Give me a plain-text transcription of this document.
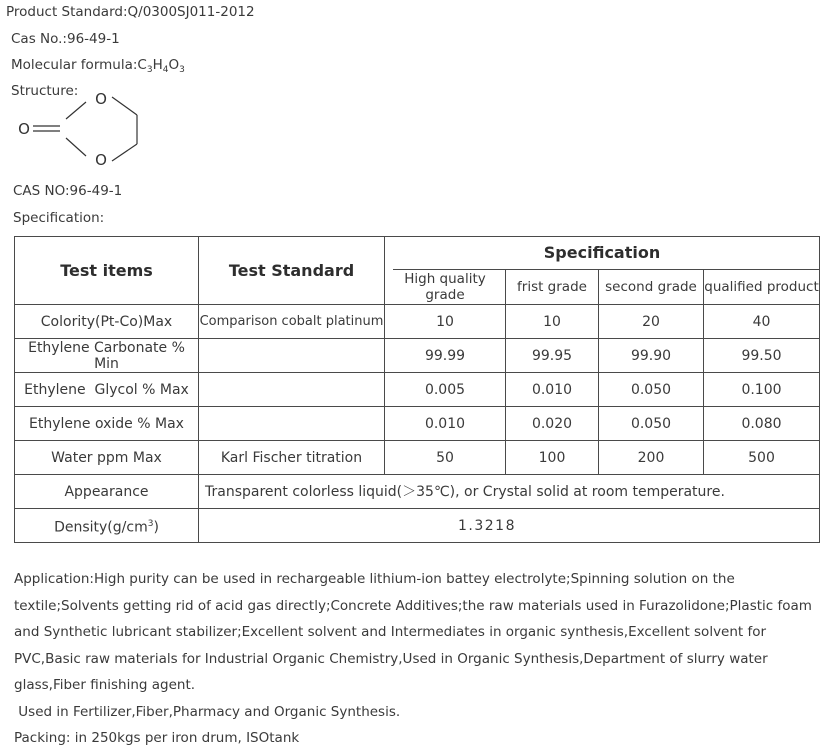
Product Standard:Q/0300SJ011-2012
Cas No.:96-49-1
Molecular $formula:C_3H_4O_3$
Structure: O
O
O
CAS NO:96-49-1
Specification:
Test items	Test Standard	Specification			
		High quality grade	frist grade	second grade	qualified product
Colority(Pt-Co)Max	Comparison cobalt platinum	10	10	20	40
Ethylene Carbonate % Min		99.99	99.95	99.90	99.50
Ethylene  Glycol % Max		0.005	0.010	0.050	0.100
Ethylene oxide % Max		0.010	0.020	0.050	0.080
Water ppm Max	Karl Fischer titration	50	100	200	500
Appearance	Transparent colorless liquid(＞35℃), or Crystal solid at room temperature.				
$Density(g/cm^3)$	1.3218				

Application:High purity can be used in rechargeable lithium-ion battey electrolyte;Spinning solution on the textile;Solvents getting rid of acid gas directly;Concrete Additives;the raw materials used in Furazolidone;Plastic foam and Synthetic lubricant stabilizer;Excellent solvent and Intermediates in organic synthesis,Excellent solvent for PVC,Basic raw materials for Industrial Organic Chemistry,Used in Organic Synthesis,Department of slurry water glass,Fiber finishing agent.

Used in Fertilizer,Fiber,Pharmacy and Organic Synthesis.

Packing: in 250kgs per iron drum, ISOtank
